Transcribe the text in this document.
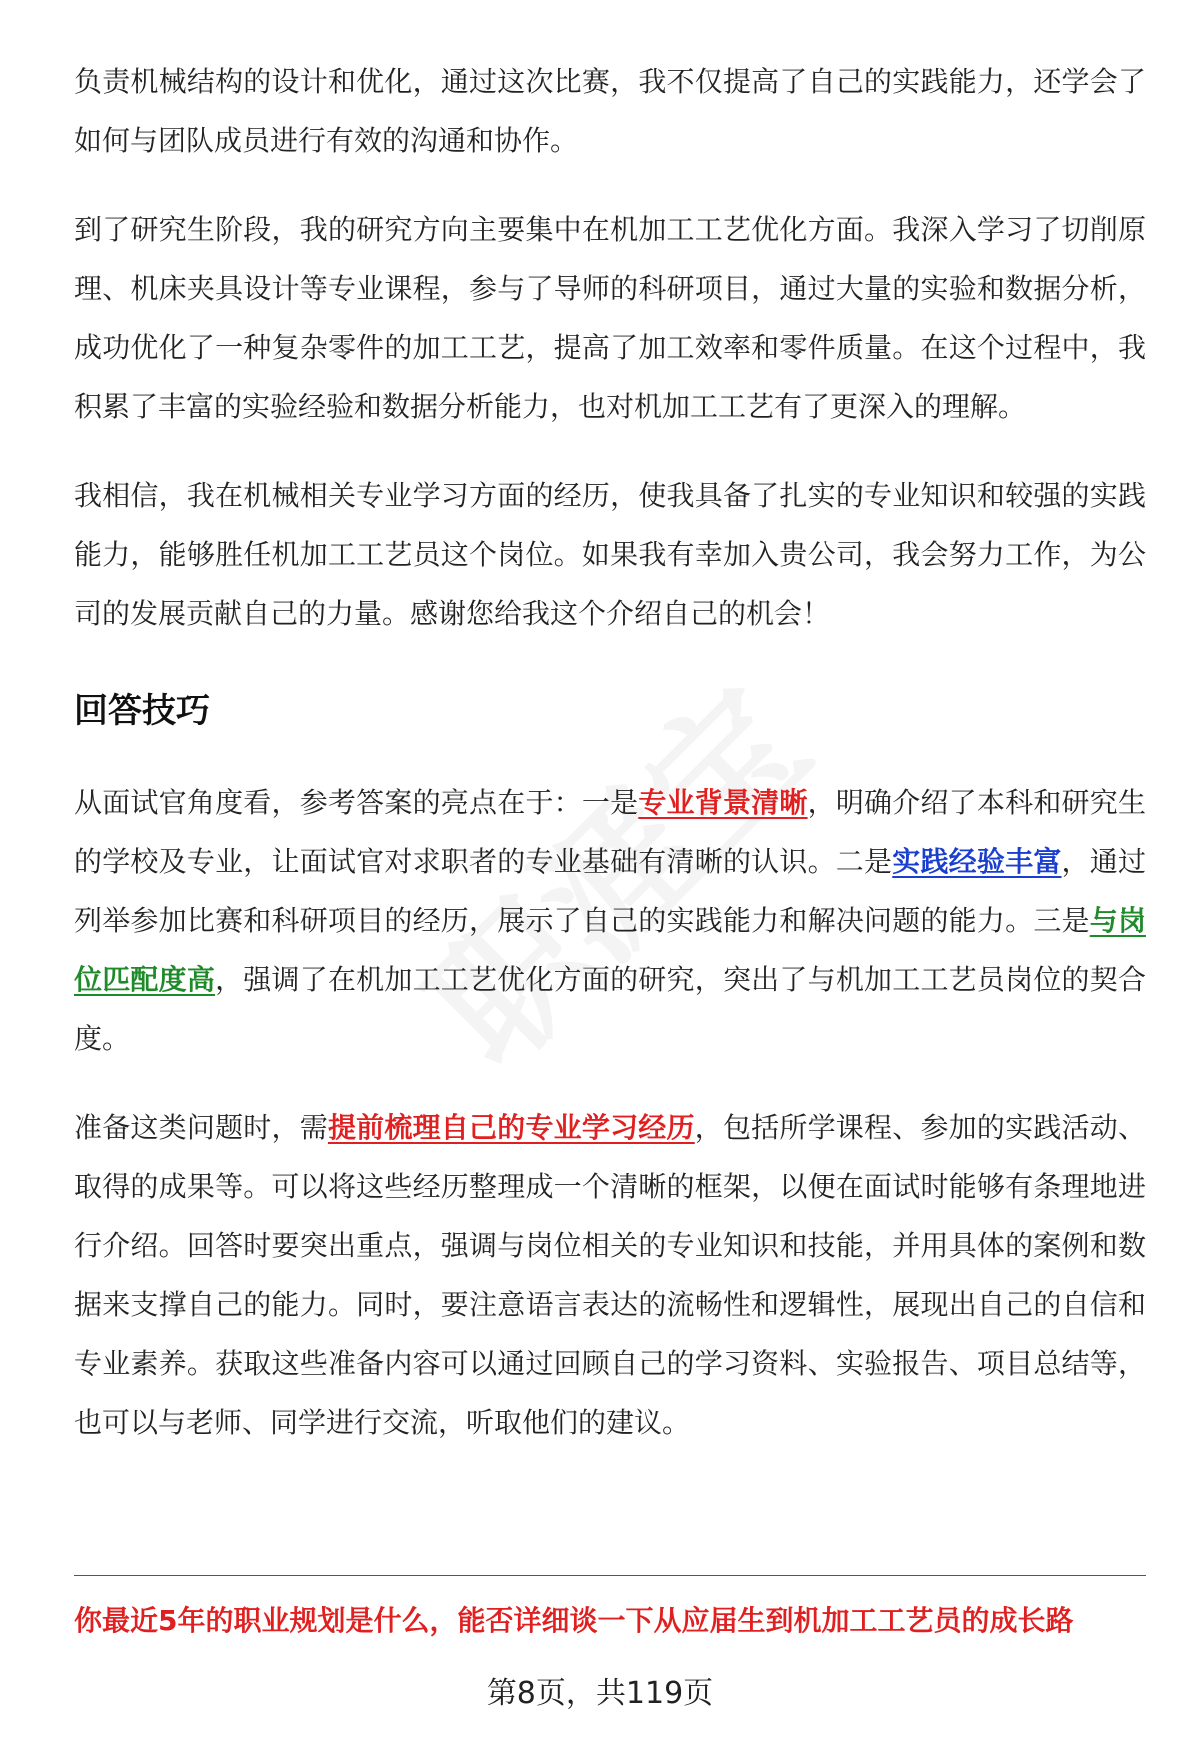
负责机械结构的设计和优化，通过这次比赛，我不仅提高了自己的实践能力，还学会了如何与团队成员进行有效的沟通和协作。

到了研究生阶段，我的研究方向主要集中在机加工工艺优化方面。我深入学习了切削原理、机床夹具设计等专业课程，参与了导师的科研项目，通过大量的实验和数据分析，成功优化了一种复杂零件的加工工艺，提高了加工效率和零件质量。在这个过程中，我积累了丰富的实验经验和数据分析能力，也对机加工工艺有了更深入的理解。

我相信，我在机械相关专业学习方面的经历，使我具备了扎实的专业知识和较强的实践能力，能够胜任机加工工艺员这个岗位。如果我有幸加入贵公司，我会努力工作，为公司的发展贡献自己的力量。感谢您给我这个介绍自己的机会！

回答技巧

从面试官角度看，参考答案的亮点在于：一是专业背景清晰，明确介绍了本科和研究生的学校及专业，让面试官对求职者的专业基础有清晰的认识。二是实践经验丰富，通过列举参加比赛和科研项目的经历，展示了自己的实践能力和解决问题的能力。三是与岗位匹配度高，强调了在机加工工艺优化方面的研究，突出了与机加工工艺员岗位的契合度。

准备这类问题时，需提前梳理自己的专业学习经历，包括所学课程、参加的实践活动、取得的成果等。可以将这些经历整理成一个清晰的框架，以便在面试时能够有条理地进行介绍。回答时要突出重点，强调与岗位相关的专业知识和技能，并用具体的案例和数据来支撑自己的能力。同时，要注意语言表达的流畅性和逻辑性，展现出自己的自信和专业素养。获取这些准备内容可以通过回顾自己的学习资料、实验报告、项目总结等，也可以与老师、同学进行交流，听取他们的建议。

你最近5年的职业规划是什么，能否详细谈一下从应届生到机加工工艺员的成长路
第8页，共119页
